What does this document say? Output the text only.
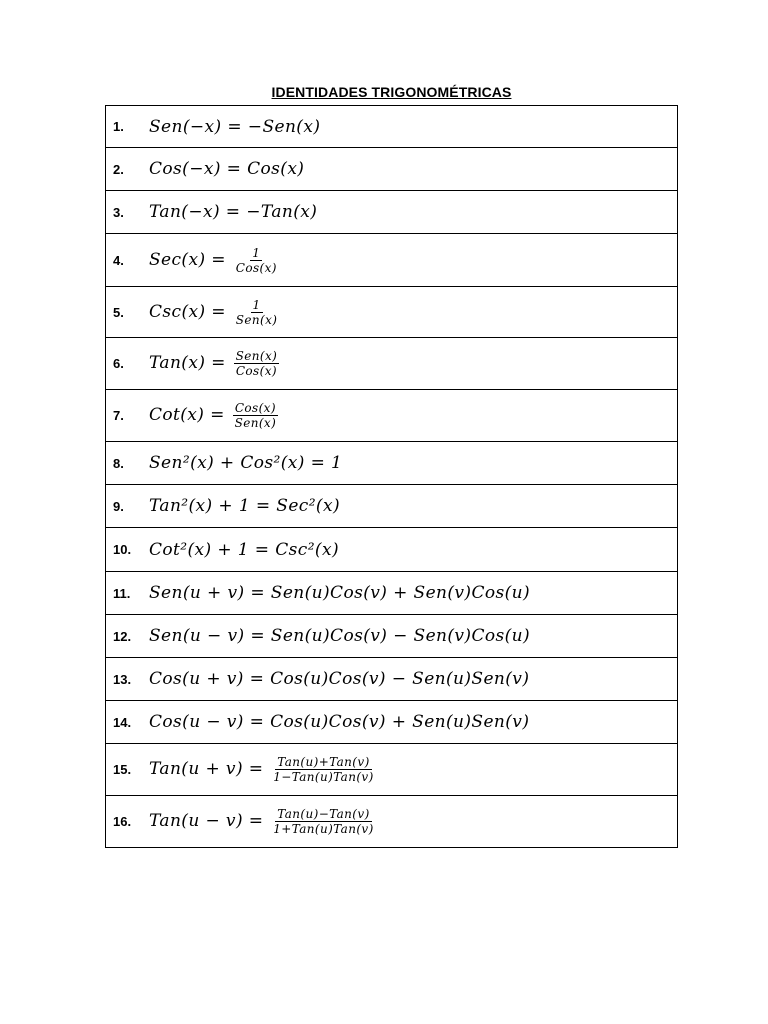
IDENTIDADES TRIGONOMÉTRICAS
1.	Sen(−x) = −Sen(x)
2.	Cos(−x) = Cos(x)
3.	Tan(−x) = −Tan(x)
4.	$Sec(x) = \frac{1}{\text{Cos(x)}}$

5.	$Csc(x) = \frac{1}{\text{Sen(x)}}$

6.	$Tan(x) = \frac{\text{Sen(x)}}{\text{Cos(x)}}$

7.	$Cot(x) = \frac{\text{Cos(x)}}{\text{Sen(x)}}$

8.	Sen²(x) + Cos²(x) = 1
9.	Tan²(x) + 1 = Sec²(x)
10.	Cot²(x) + 1 = Csc²(x)
11.	Sen(u + v) = Sen(u)Cos(v) + Sen(v)Cos(u)
12.	Sen(u − v) = Sen(u)Cos(v) − Sen(v)Cos(u)
13.	Cos(u + v) = Cos(u)Cos(v) − Sen(u)Sen(v)
14.	Cos(u − v) = Cos(u)Cos(v) + Sen(u)Sen(v)
15.	$Tan(u + v) = \frac{\text{Tan(u)+Tan(v)}}{\text{1−Tan(u)Tan(v)}}$

16.	$Tan(u - v) = \frac{\text{Tan(u)−Tan(v)}}{\text{1+Tan(u)Tan(v)}}$
